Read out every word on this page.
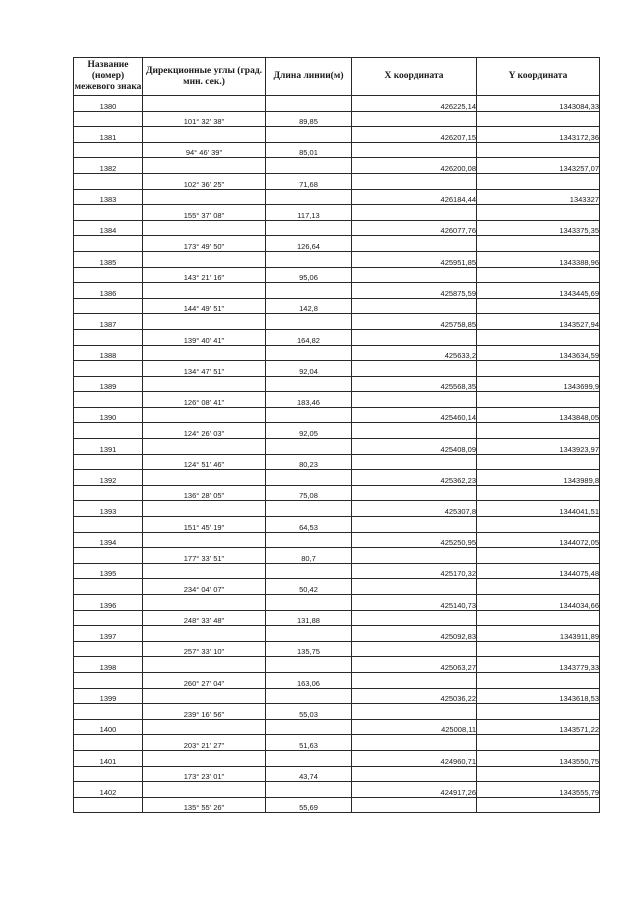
Название (номер) межевого знака	Дирекционные углы (град. мин. сек.)	Длина линии(м)	X координата	Y координата
1380			426225,14	1343084,33
	101° 32' 38"	89,85		
1381			426207,15	1343172,36
	94° 46' 39"	85,01		
1382			426200,08	1343257,07
	102° 36' 25"	71,68		
1383			426184,44	1343327
	155° 37' 08"	117,13		
1384			426077,76	1343375,35
	173° 49' 50"	126,64		
1385			425951,85	1343388,96
	143° 21' 16"	95,06		
1386			425875,59	1343445,69
	144° 49' 51"	142,8		
1387			425758,85	1343527,94
	139° 40' 41"	164,82		
1388			425633,2	1343634,59
	134° 47' 51"	92,04		
1389			425568,35	1343699,9
	126° 08' 41"	183,46		
1390			425460,14	1343848,05
	124° 26' 03"	92,05		
1391			425408,09	1343923,97
	124° 51' 46"	80,23		
1392			425362,23	1343989,8
	136° 28' 05"	75,08		
1393			425307,8	1344041,51
	151° 45' 19"	64,53		
1394			425250,95	1344072,05
	177° 33' 51"	80,7		
1395			425170,32	1344075,48
	234° 04' 07"	50,42		
1396			425140,73	1344034,66
	248° 33' 48"	131,88		
1397			425092,83	1343911,89
	257° 33' 10"	135,75		
1398			425063,27	1343779,33
	260° 27' 04"	163,06		
1399			425036,22	1343618,53
	239° 16' 56"	55,03		
1400			425008,11	1343571,22
	203° 21' 27"	51,63		
1401			424960,71	1343550,75
	173° 23' 01"	43,74		
1402			424917,26	1343555,79
	135° 55' 26"	55,69		
